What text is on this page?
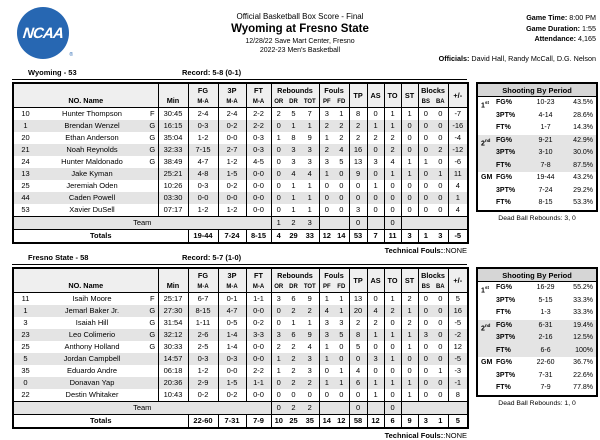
NCAA
®
Official Basketball Box Score - Final
Wyoming at Fresno State
12/28/22 Save Mart Center, Fresno
2022-23 Men's Basketball
Game Time: 8:00 PM
Game Duration: 1:55
Attendance: 4,165
Officials: David Hall, Randy McCall, D.G. Nelson
Wyoming - 53	Record: 5-8 (0-1)
NO. Name			Min	FG	3P	FT	Rebounds			Fouls		TP	AS	TO	ST	Blocks		+/-
				M-A	M-A	M-A	OR	DR	TOT	PF	FD					BS	BA	
10	Hunter Thompson	F	30:45	2-4	2-4	2-2	2	5	7	3	1	8	0	1	1	0	0	-7
1	Brendan Wenzel	G	16:15	0-3	0-2	2-2	0	1	1	2	2	2	1	1	0	0	0	-16
20	Ethan Anderson	G	35:04	1-2	0-0	0-3	1	8	9	1	2	2	2	2	0	0	0	-4
21	Noah Reynolds	G	32:33	7-15	2-7	0-3	0	3	3	2	4	16	0	2	0	0	2	-12
24	Hunter Maldonado	G	38:49	4-7	1-2	4-5	0	3	3	3	5	13	3	4	1	1	0	-6
13	Jake Kyman		25:21	4-8	1-5	0-0	0	4	4	1	0	9	0	1	1	0	1	11
25	Jeremiah Oden		10:26	0-3	0-2	0-0	0	1	1	0	0	0	1	0	0	0	0	4
44	Caden Powell		03:30	0-0	0-0	0-0	0	1	1	0	0	0	0	0	0	0	0	1
53	Xavier DuSell		07:17	1-2	1-2	0-0	0	1	1	0	0	3	0	0	0	0	0	4
Team							1	2	3			0		0				
Totals				19-44	7-24	8-15	4	29	33	12	14	53	7	11	3	1	3	-5
Shooting By Period
1st	FG%	10-23	43.5%
3PT%	4-14	28.6%
FT%	1-7	14.3%
2nd FG%	9-21	42.9%
3PT%	3-10	30.0%
FT%	7-8	87.5%
GM FG%	19-44	43.2%
3PT%	7-24	29.2%
FT%	8-15	53.3%
Dead Ball Rebounds: 3, 0
Technical Fouls::NONE
Fresno State - 58	Record: 5-7 (1-0)
NO. Name			Min	FG	3P	FT	Rebounds			Fouls		TP	AS	TO	ST	Blocks		+/-
				M-A	M-A	M-A	OR	DR	TOT	PF	FD					BS	BA	
11	Isaih Moore	F	25:17	6-7	0-1	1-1	3	6	9	1	1	13	0	1	2	0	0	5
1	Jemarl Baker Jr.	G	27:30	8-15	4-7	0-0	0	2	2	4	1	20	4	2	1	0	0	16
3	Isaiah Hill	G	31:54	1-11	0-5	0-2	0	1	1	3	3	2	2	0	2	0	0	-5
23	Leo Colimerio	G	32:12	2-6	1-4	3-3	3	6	9	3	5	8	1	1	1	3	0	-2
25	Anthony Holland	G	30:33	2-5	1-4	0-0	2	2	4	1	0	5	0	0	1	0	0	12
5	Jordan Campbell		14:57	0-3	0-3	0-0	1	2	3	1	0	0	3	1	0	0	0	-5
35	Eduardo Andre		06:18	1-2	0-0	2-2	1	2	3	0	1	4	0	0	0	0	1	-3
0	Donavan Yap		20:36	2-9	1-5	1-1	0	2	2	1	1	6	1	1	1	0	0	-1
22	Destin Whitaker		10:43	0-2	0-2	0-0	0	0	0	0	0	0	1	0	1	0	0	8
Team							0	2	2			0		0				
Totals				22-60	7-31	7-9	10	25	35	14	12	58	12	6	9	3	1	5
Shooting By Period
1st	FG%	16-29	55.2%
3PT%	5-15	33.3%
FT%	1-3	33.3%
2nd FG%	6-31	19.4%
3PT%	2-16	12.5%
FT%	6-6	100%
GM FG%	22-60	36.7%
3PT%	7-31	22.6%
FT%	7-9	77.8%
Dead Ball Rebounds: 1, 0
Technical Fouls::NONE
